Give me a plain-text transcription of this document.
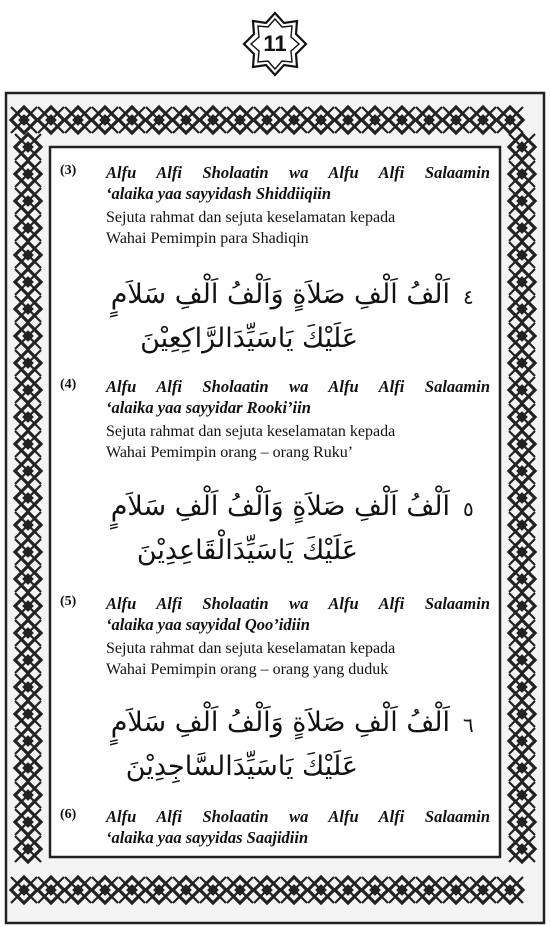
11
(3) Alfu Alfi Sholaatin wa Alfu Alfi Salaamin
‘alaika yaa sayyidash Shiddiiqiin
Sejuta rahmat dan sejuta keselamatan kepada
Wahai Pemimpin para Shadiqin
٤
اَلْفُ اَلْفِ صَلاَةٍ وَاَلْفُ اَلْفِ سَلاَمٍ
عَلَيْكَ يَاسَيِّدَالرَّاكِعِيْنَ
(4) Alfu Alfi Sholaatin wa Alfu Alfi Salaamin
‘alaika yaa sayyidar Rooki’iin
Sejuta rahmat dan sejuta keselamatan kepada
Wahai Pemimpin orang – orang Ruku’
٥
اَلْفُ اَلْفِ صَلاَةٍ وَاَلْفُ اَلْفِ سَلاَمٍ
عَلَيْكَ يَاسَيِّدَالْقَاعِدِيْنَ
(5) Alfu Alfi Sholaatin wa Alfu Alfi Salaamin
‘alaika yaa sayyidal Qoo’idiin
Sejuta rahmat dan sejuta keselamatan kepada
Wahai Pemimpin orang – orang yang duduk
٦
اَلْفُ اَلْفِ صَلاَةٍ وَاَلْفُ اَلْفِ سَلاَمٍ
عَلَيْكَ يَاسَيِّدَالسَّاجِدِيْنَ
(6) Alfu Alfi Sholaatin wa Alfu Alfi Salaamin
‘alaika yaa sayyidas Saajidiin
